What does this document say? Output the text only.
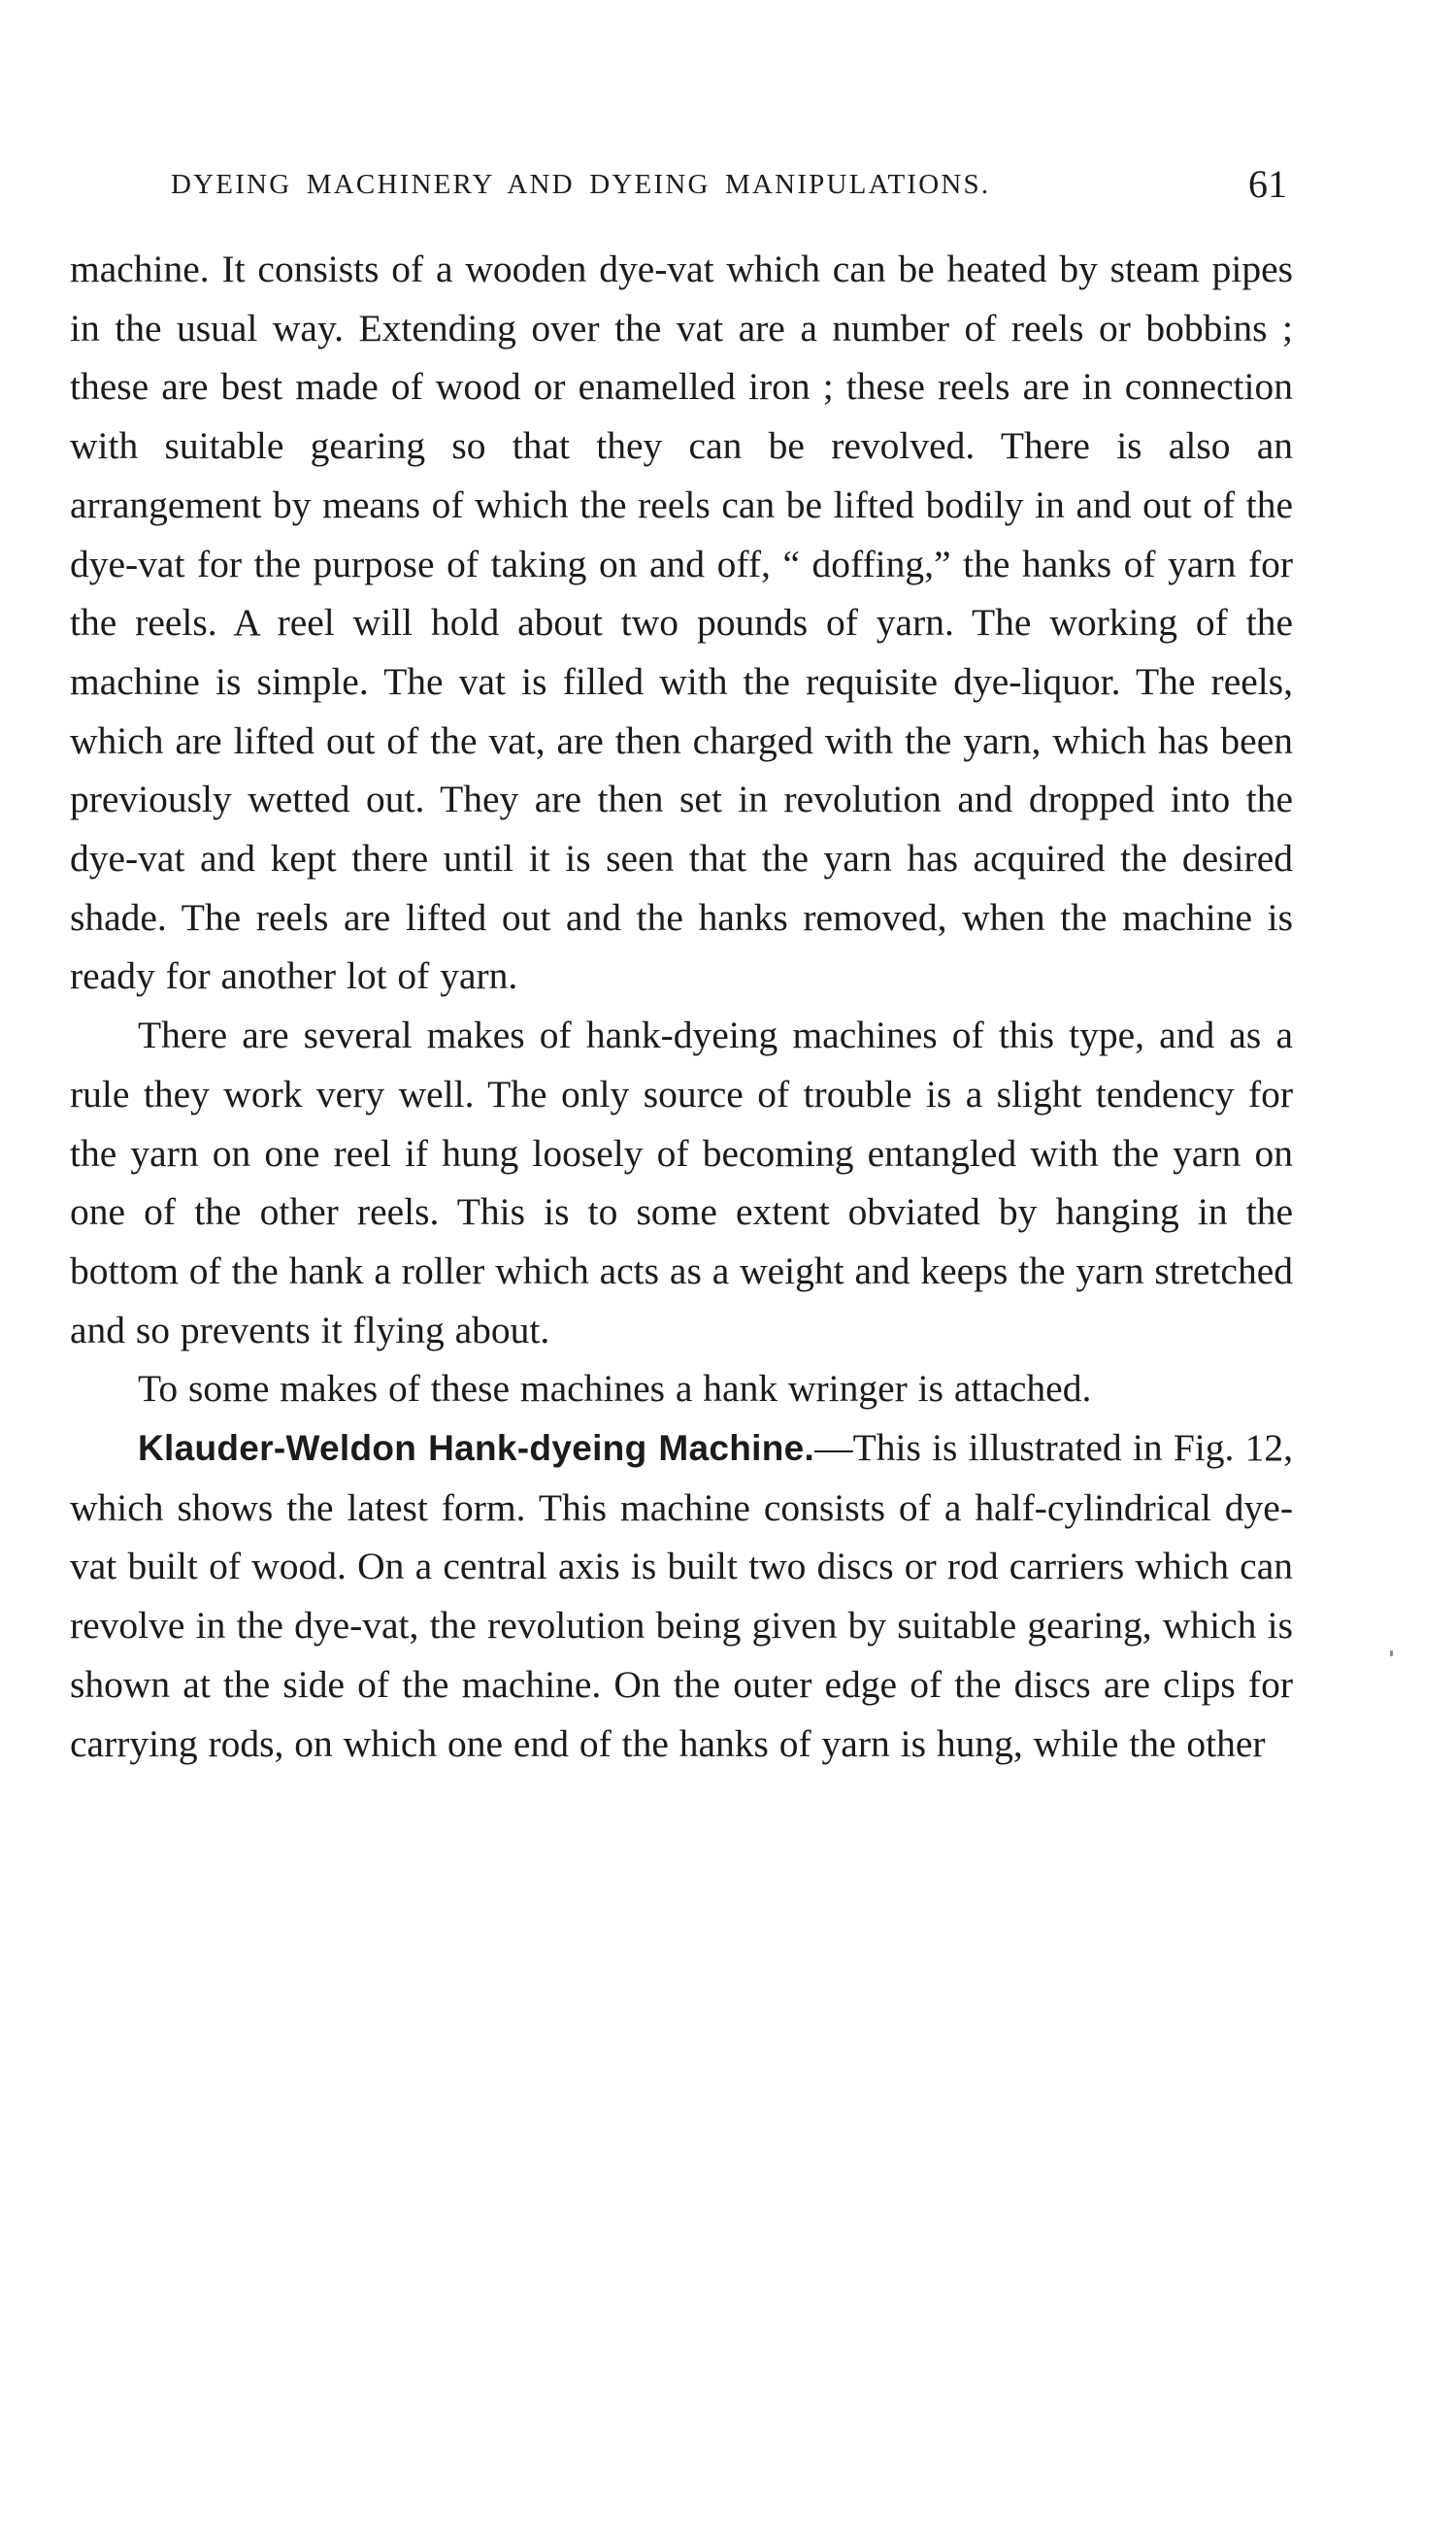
DYEING MACHINERY AND DYEING MANIPULATIONS.	61

machine. It consists of a wooden dye-vat which can be heated by steam pipes in the usual way. Extending over the vat are a number of reels or bobbins ; these are best made of wood or enamelled iron ; these reels are in connection with suitable gearing so that they can be revolved. There is also an arrangement by means of which the reels can be lifted bodily in and out of the dye-vat for the purpose of taking on and off, “ doffing,” the hanks of yarn for the reels. A reel will hold about two pounds of yarn. The working of the machine is simple. The vat is filled with the requisite dye-liquor. The reels, which are lifted out of the vat, are then charged with the yarn, which has been previously wetted out. They are then set in revolution and dropped into the dye-vat and kept there until it is seen that the yarn has acquired the desired shade. The reels are lifted out and the hanks removed, when the machine is ready for another lot of yarn.

There are several makes of hank-dyeing machines of this type, and as a rule they work very well. The only source of trouble is a slight tendency for the yarn on one reel if hung loosely of becoming entangled with the yarn on one of the other reels. This is to some extent obviated by hanging in the bottom of the hank a roller which acts as a weight and keeps the yarn stretched and so prevents it flying about.

To some makes of these machines a hank wringer is attached.

Klauder-Weldon Hank-dyeing Machine.—This is illustrated in Fig. 12, which shows the latest form. This machine consists of a half-cylindrical dye-vat built of wood. On a central axis is built two discs or rod carriers which can revolve in the dye-vat, the revolution being given by suitable gearing, which is shown at the side of the machine. On the outer edge of the discs are clips for carrying rods, on which one end of the hanks of yarn is hung, while the other
